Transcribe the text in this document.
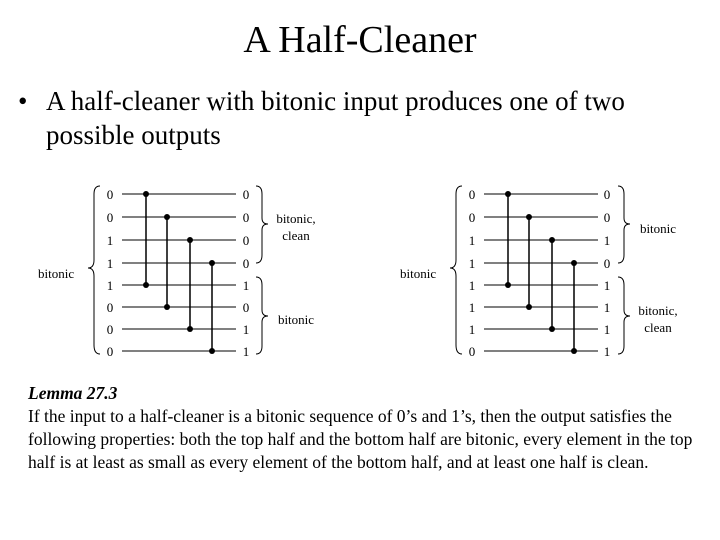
A Half-Cleaner
• A half-cleaner with bitonic input produces one of two possible outputs
0
0
1
1
1
0
0
0
0
0
0
0
1
0
1
1
bitonic
bitonic,
clean
bitonic
0
0
1
1
1
1
1
0
0
0
1
0
1
1
1
1
bitonic
bitonic
bitonic,
clean
Lemma 27.3
If the input to a half-cleaner is a bitonic sequence of 0’s and 1’s, then the output satisfies the following properties: both the top half and the bottom half are bitonic, every element in the top half is at least as small as every element of the bottom half, and at least one half is clean.
